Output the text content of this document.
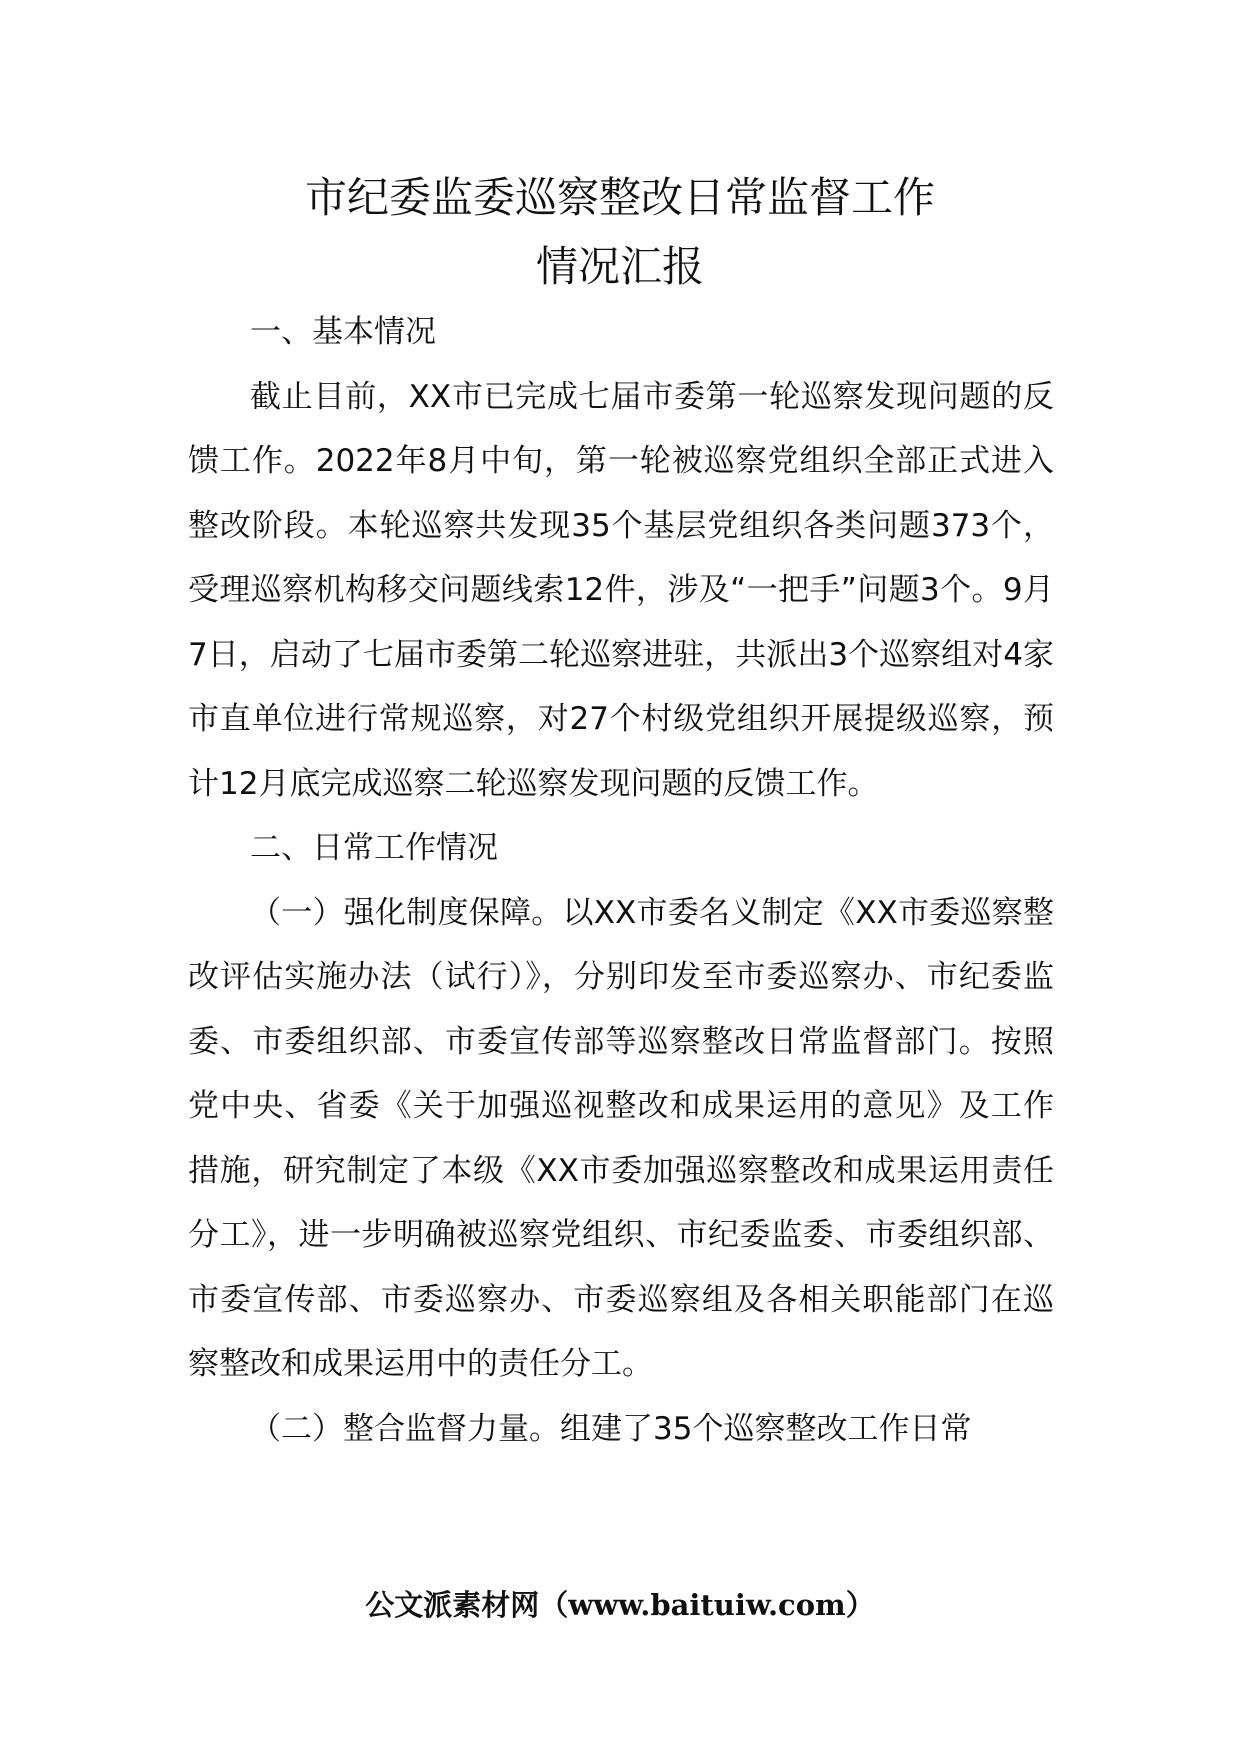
市纪委监委巡察整改日常监督工作
情况汇报

一、基本情况

截止目前，XX市已完成七届市委第一轮巡察发现问题的反馈工作。2022年8月中旬，第一轮被巡察党组织全部正式进入整改阶段。本轮巡察共发现35个基层党组织各类问题373个，受理巡察机构移交问题线索12件，涉及“一把手”问题3个。9月7日，启动了七届市委第二轮巡察进驻，共派出3个巡察组对4家市直单位进行常规巡察，对27个村级党组织开展提级巡察，预计12月底完成巡察二轮巡察发现问题的反馈工作。

二、日常工作情况

（一）强化制度保障。以XX市委名义制定《XX市委巡察整改评估实施办法（试行）》，分别印发至市委巡察办、市纪委监委、市委组织部、市委宣传部等巡察整改日常监督部门。按照党中央、省委《关于加强巡视整改和成果运用的意见》及工作措施，研究制定了本级《XX市委加强巡察整改和成果运用责任分工》，进一步明确被巡察党组织、市纪委监委、市委组织部、市委宣传部、市委巡察办、市委巡察组及各相关职能部门在巡察整改和成果运用中的责任分工。

（二）整合监督力量。组建了35个巡察整改工作日常

公文派素材网（www.baituiw.com）
